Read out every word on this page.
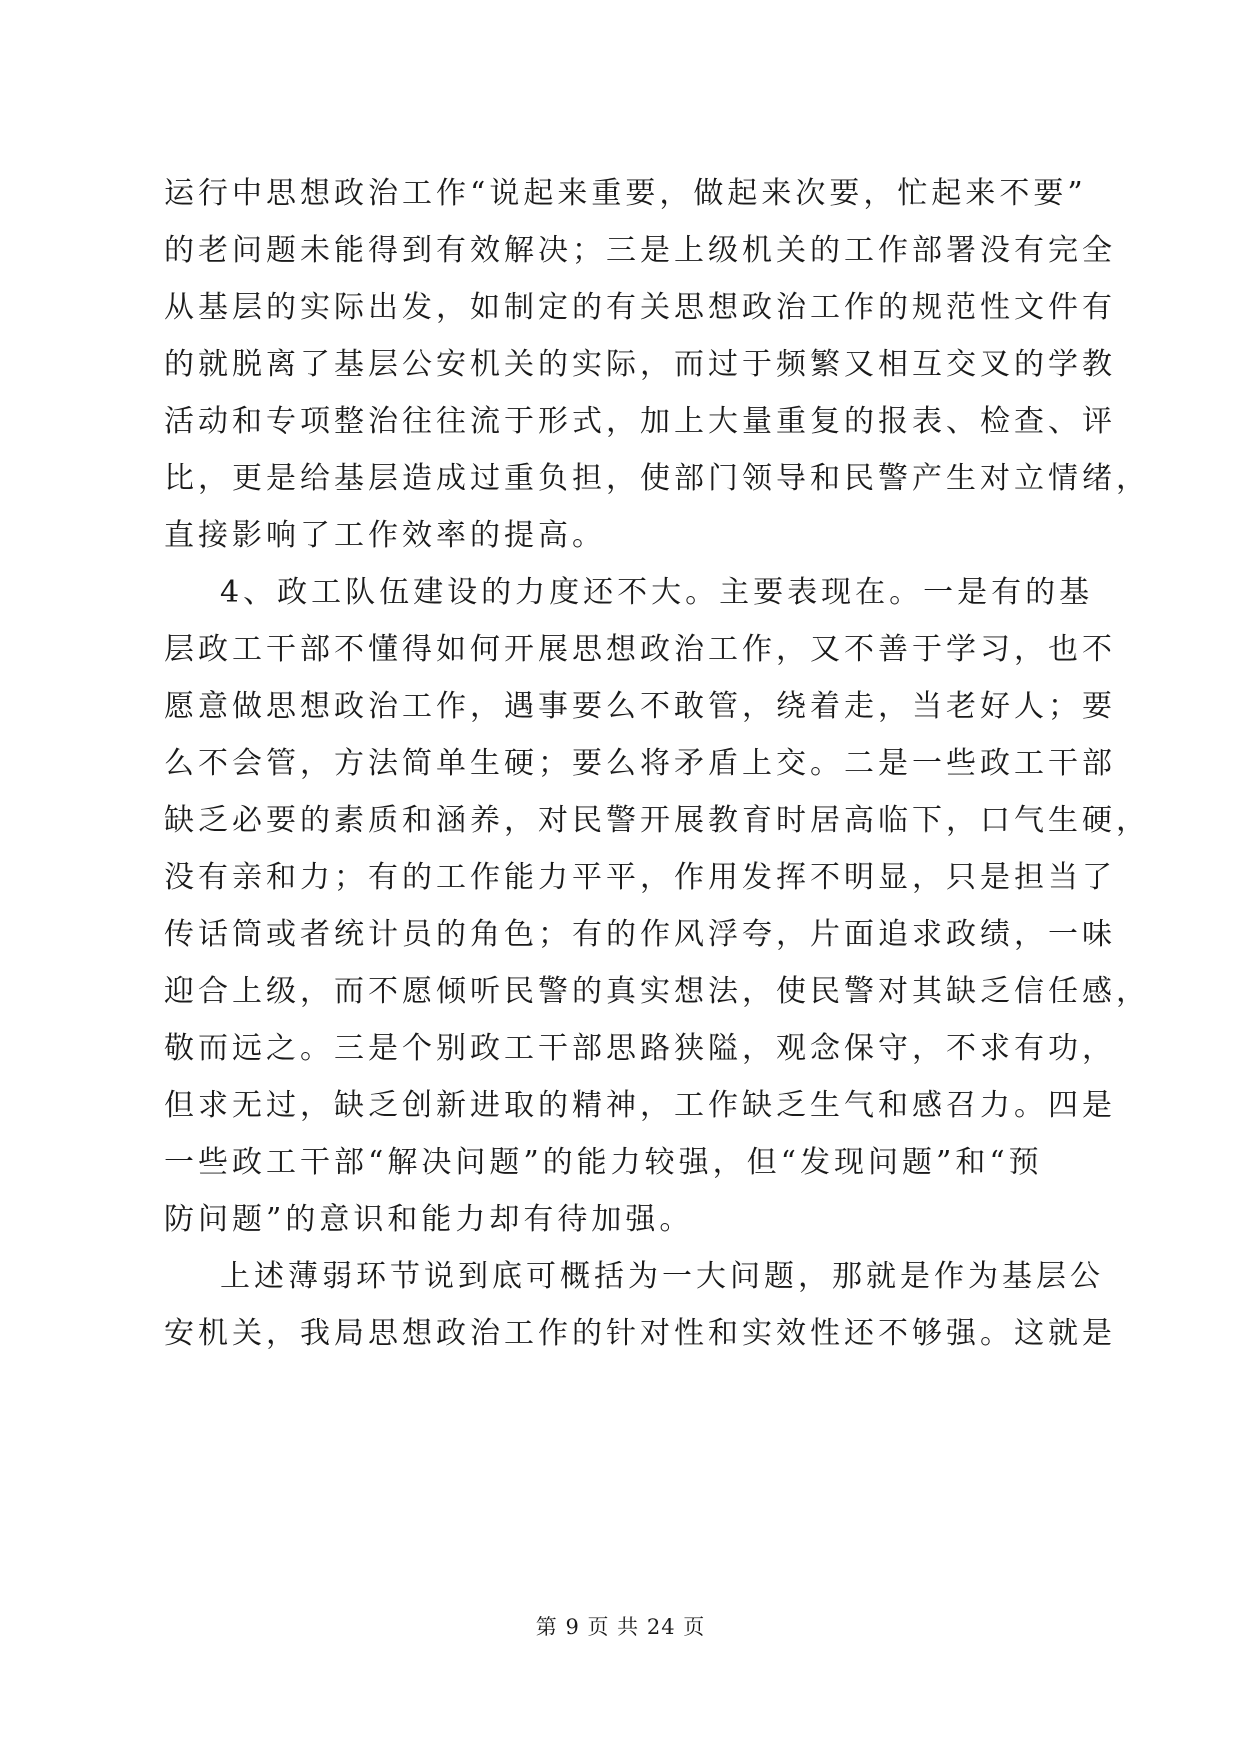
运行中思想政治工作“说起来重要，做起来次要，忙起来不要”
的老问题未能得到有效解决；三是上级机关的工作部署没有完全
从基层的实际出发，如制定的有关思想政治工作的规范性文件有
的就脱离了基层公安机关的实际，而过于频繁又相互交叉的学教
活动和专项整治往往流于形式，加上大量重复的报表、检查、评
比，更是给基层造成过重负担，使部门领导和民警产生对立情绪，
直接影响了工作效率的提高。
4、政工队伍建设的力度还不大。主要表现在。一是有的基
层政工干部不懂得如何开展思想政治工作，又不善于学习，也不
愿意做思想政治工作，遇事要么不敢管，绕着走，当老好人；要
么不会管，方法简单生硬；要么将矛盾上交。二是一些政工干部
缺乏必要的素质和涵养，对民警开展教育时居高临下，口气生硬，
没有亲和力；有的工作能力平平，作用发挥不明显，只是担当了
传话筒或者统计员的角色；有的作风浮夸，片面追求政绩，一味
迎合上级，而不愿倾听民警的真实想法，使民警对其缺乏信任感，
敬而远之。三是个别政工干部思路狭隘，观念保守，不求有功，
但求无过，缺乏创新进取的精神，工作缺乏生气和感召力。四是
一些政工干部“解决问题”的能力较强，但“发现问题”和“预
防问题”的意识和能力却有待加强。
上述薄弱环节说到底可概括为一大问题，那就是作为基层公
安机关，我局思想政治工作的针对性和实效性还不够强。这就是
第 9 页 共 24 页
